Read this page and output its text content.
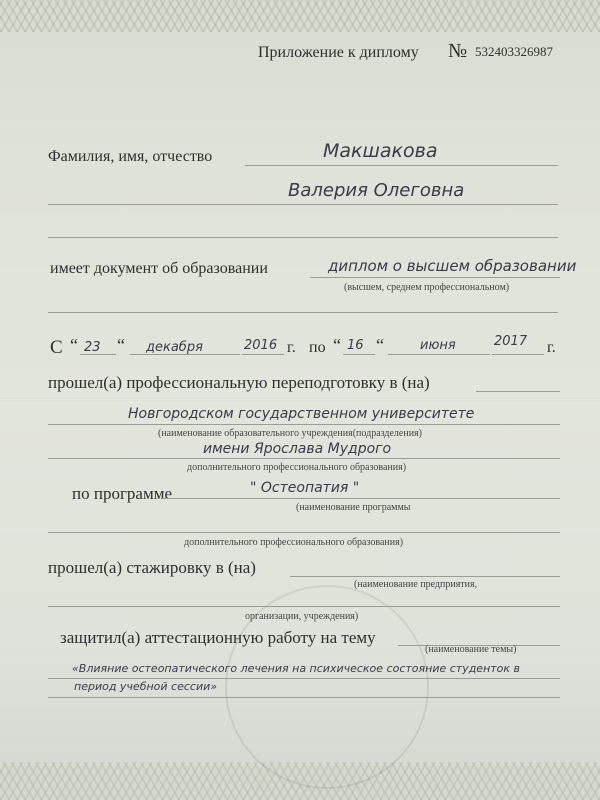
Приложение к диплому № 532403326987
Фамилия, имя, отчество	Макшакова
Валерия Олеговна
имеет документ об образовании	диплом о высшем образовании
(высшем, среднем профессиональном)
С “ 23 “ декабря	2016 г. по “ 16 “	июня	2017 г.
прошел(а) профессиональную переподготовку в (на)
Новгородском государственном университете
(наименование образовательного учреждения(подразделения)
имени Ярослава Мудрого
дополнительного профессионального образования)
по программе	" Остеопатия "
(наименование программы
дополнительного профессионального образования)
прошел(а) стажировку в (на)
(наименование предприятия,
организации, учреждения)
защитил(а) аттестационную работу на тему
(наименование темы)
«Влияние остеопатического лечения на психическое состояние студенток в
период учебной сессии»
